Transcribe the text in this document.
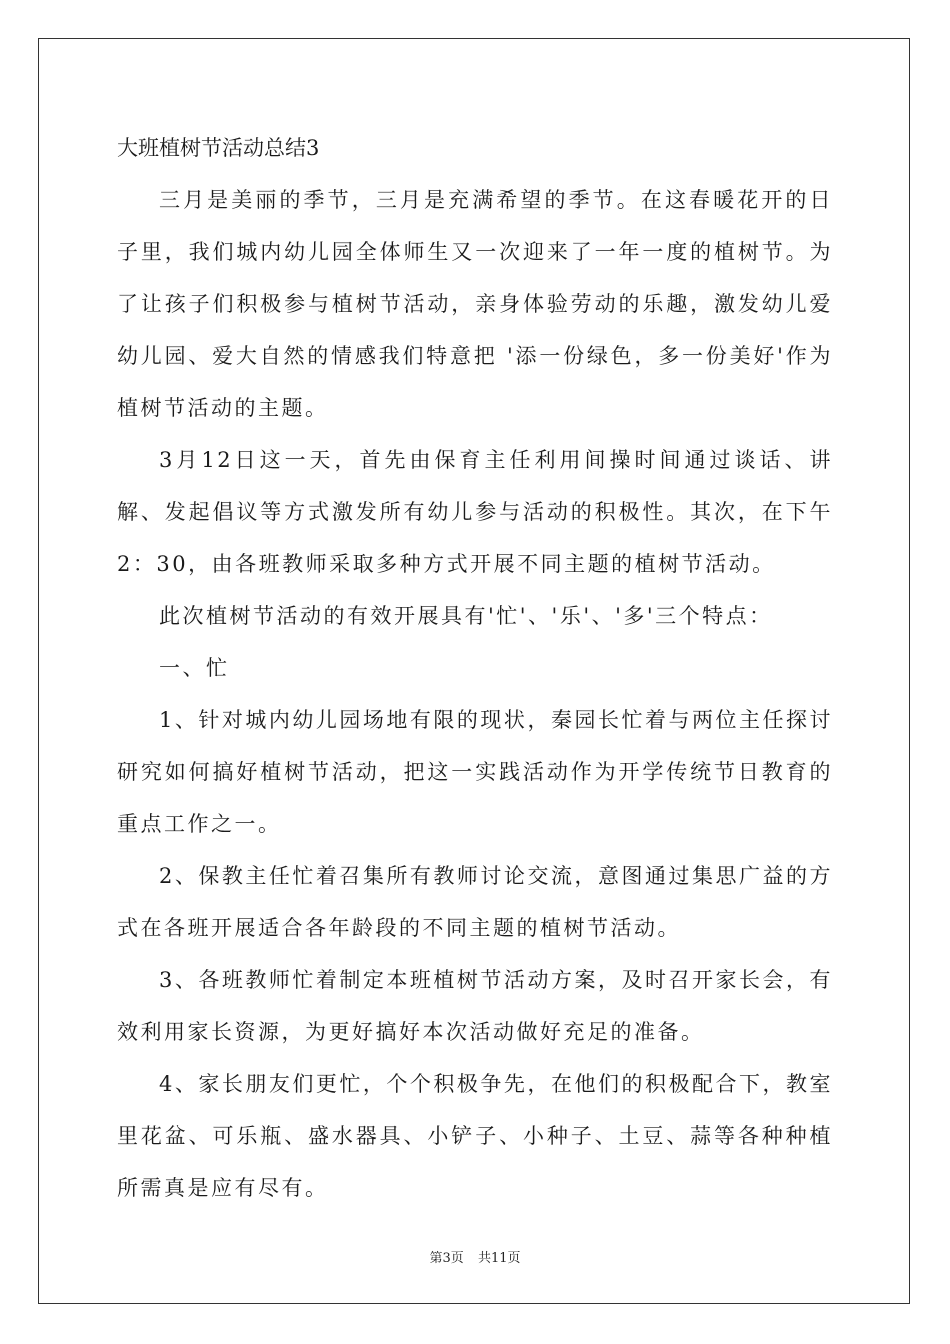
大班植树节活动总结3

三月是美丽的季节，三月是充满希望的季节。在这春暖花开的日子里，我们城内幼儿园全体师生又一次迎来了一年一度的植树节。为了让孩子们积极参与植树节活动，亲身体验劳动的乐趣，激发幼儿爱幼儿园、爱大自然的情感我们特意把 '添一份绿色，多一份美好'作为植树节活动的主题。

3月12日这一天，首先由保育主任利用间操时间通过谈话、讲解、发起倡议等方式激发所有幼儿参与活动的积极性。其次，在下午2：30，由各班教师采取多种方式开展不同主题的植树节活动。

此次植树节活动的有效开展具有'忙'、'乐'、'多'三个特点：

一、忙

1、针对城内幼儿园场地有限的现状，秦园长忙着与两位主任探讨研究如何搞好植树节活动，把这一实践活动作为开学传统节日教育的重点工作之一。

2、保教主任忙着召集所有教师讨论交流，意图通过集思广益的方式在各班开展适合各年龄段的不同主题的植树节活动。

3、各班教师忙着制定本班植树节活动方案，及时召开家长会，有效利用家长资源，为更好搞好本次活动做好充足的准备。

4、家长朋友们更忙，个个积极争先，在他们的积极配合下，教室里花盆、可乐瓶、盛水器具、小铲子、小种子、土豆、蒜等各种种植所需真是应有尽有。

第3页 共11页
